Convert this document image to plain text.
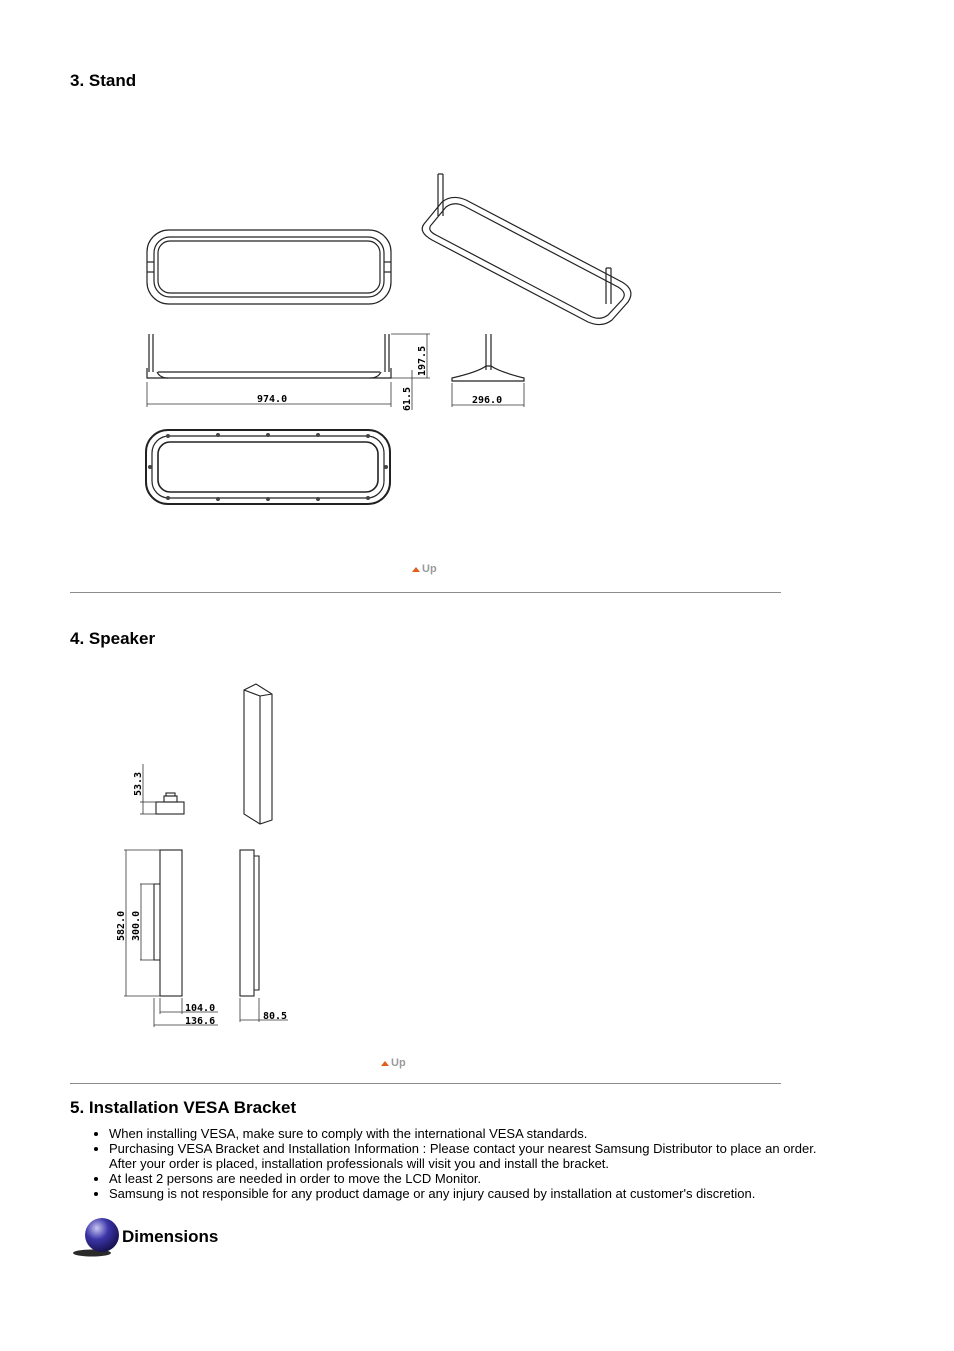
3. Stand
974.0
197.5
61.5	296.0
Up
4. Speaker
53.3
582.0 300.0
104.0
136.6	80.5
Up
5. Installation VESA Bracket
• When installing VESA, make sure to comply with the international VESA standards.
• Purchasing VESA Bracket and Installation Information : Please contact your nearest Samsung Distributor to place an order. After your order is placed, installation professionals will visit you and install the bracket.
• At least 2 persons are needed in order to move the LCD Monitor.
• Samsung is not responsible for any product damage or any injury caused by installation at customer's discretion.
Dimensions
